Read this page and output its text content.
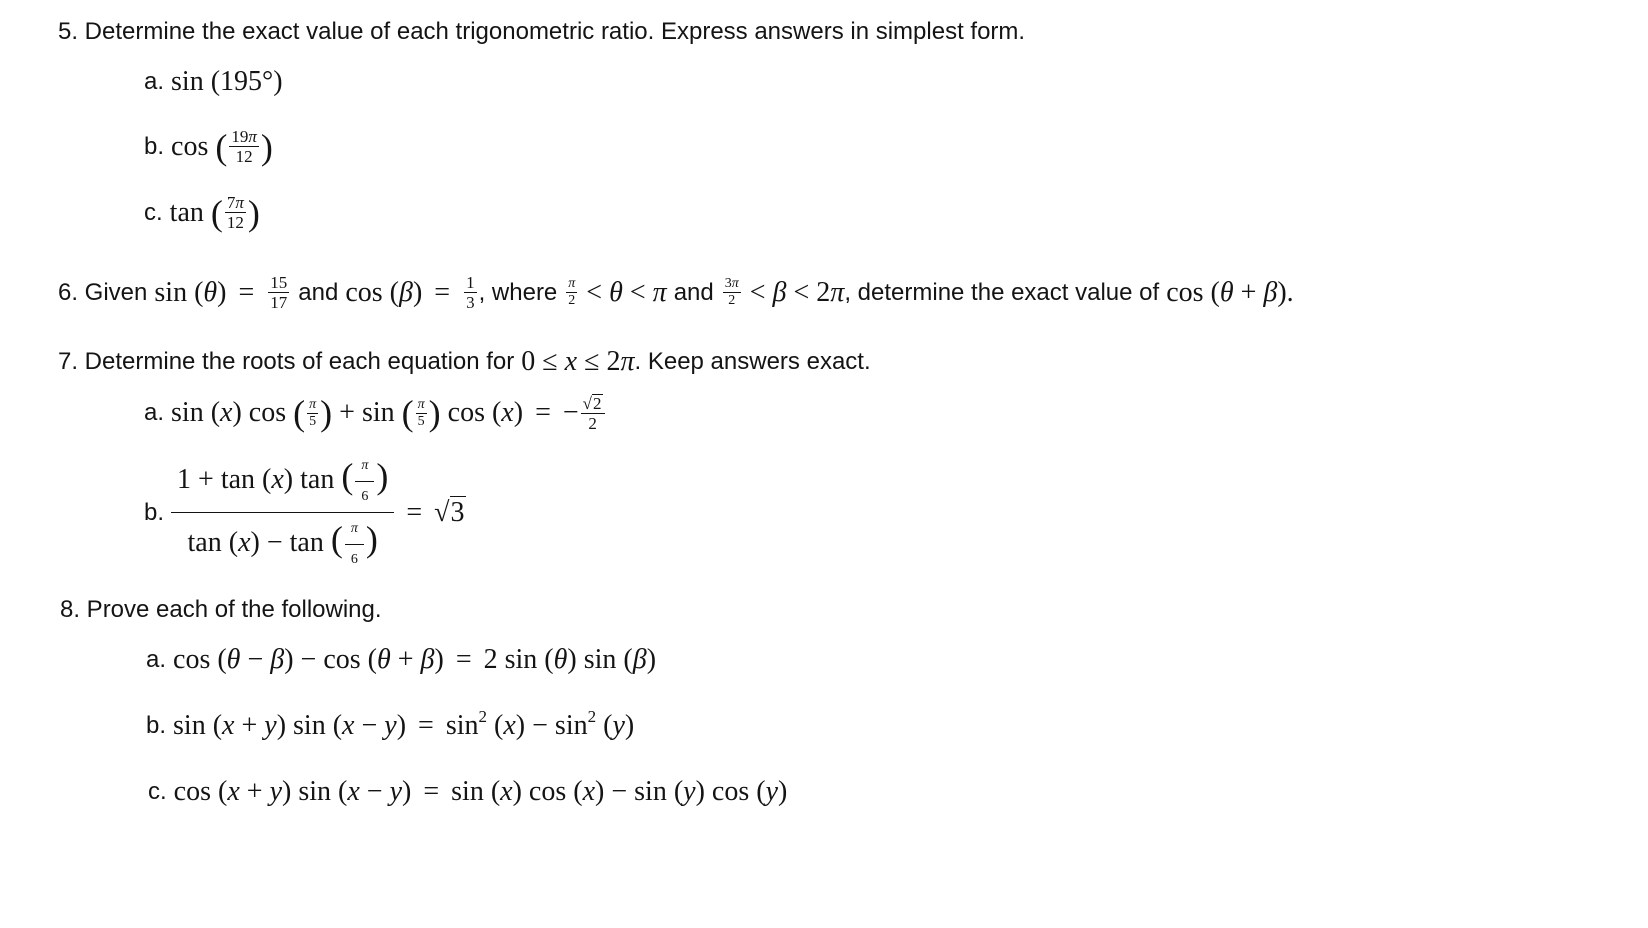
5. Determine the exact value of each trigonometric ratio. Express answers in simplest form.
a. sin (195°)
b. cos ( $\frac{19\pi}{12}$ )
c. tan ( $\frac{7\pi}{12}$ )
6. Given $\sin (\theta) = \frac{15}{17}$ and $\cos (\beta) = \frac{1}{3}$ , where $\frac{\pi}{2} < \theta < \pi$ and $\frac{3\pi}{2} < \beta < 2\pi$ , determine the exact value of cos (θ + β).
7. Determine the roots of each equation for 0 ≤ x ≤ 2π . Keep answers exact.
a. sin (x) cos ( $\frac{\pi}{5}$ ) + sin ( $\frac{\pi}{5}$ ) cos (x) = − $\frac{√ 2}{2}$
b. $\frac{1 + \tan (x) \tan ( \frac{\pi}{6} )}{\tan (x) - \tan ( \frac{\pi}{6} )}$ = √ 3
8. Prove each of the following.
a. cos (θ − β) − cos (θ + β) = 2 sin (θ) sin (β)
b. sin (x + y) $\sin (x - y) = \sin^2 (x) - \sin^2 (y)$
c. cos (x + y) sin (x − y) = sin (x) cos (x) − sin (y) cos (y)
